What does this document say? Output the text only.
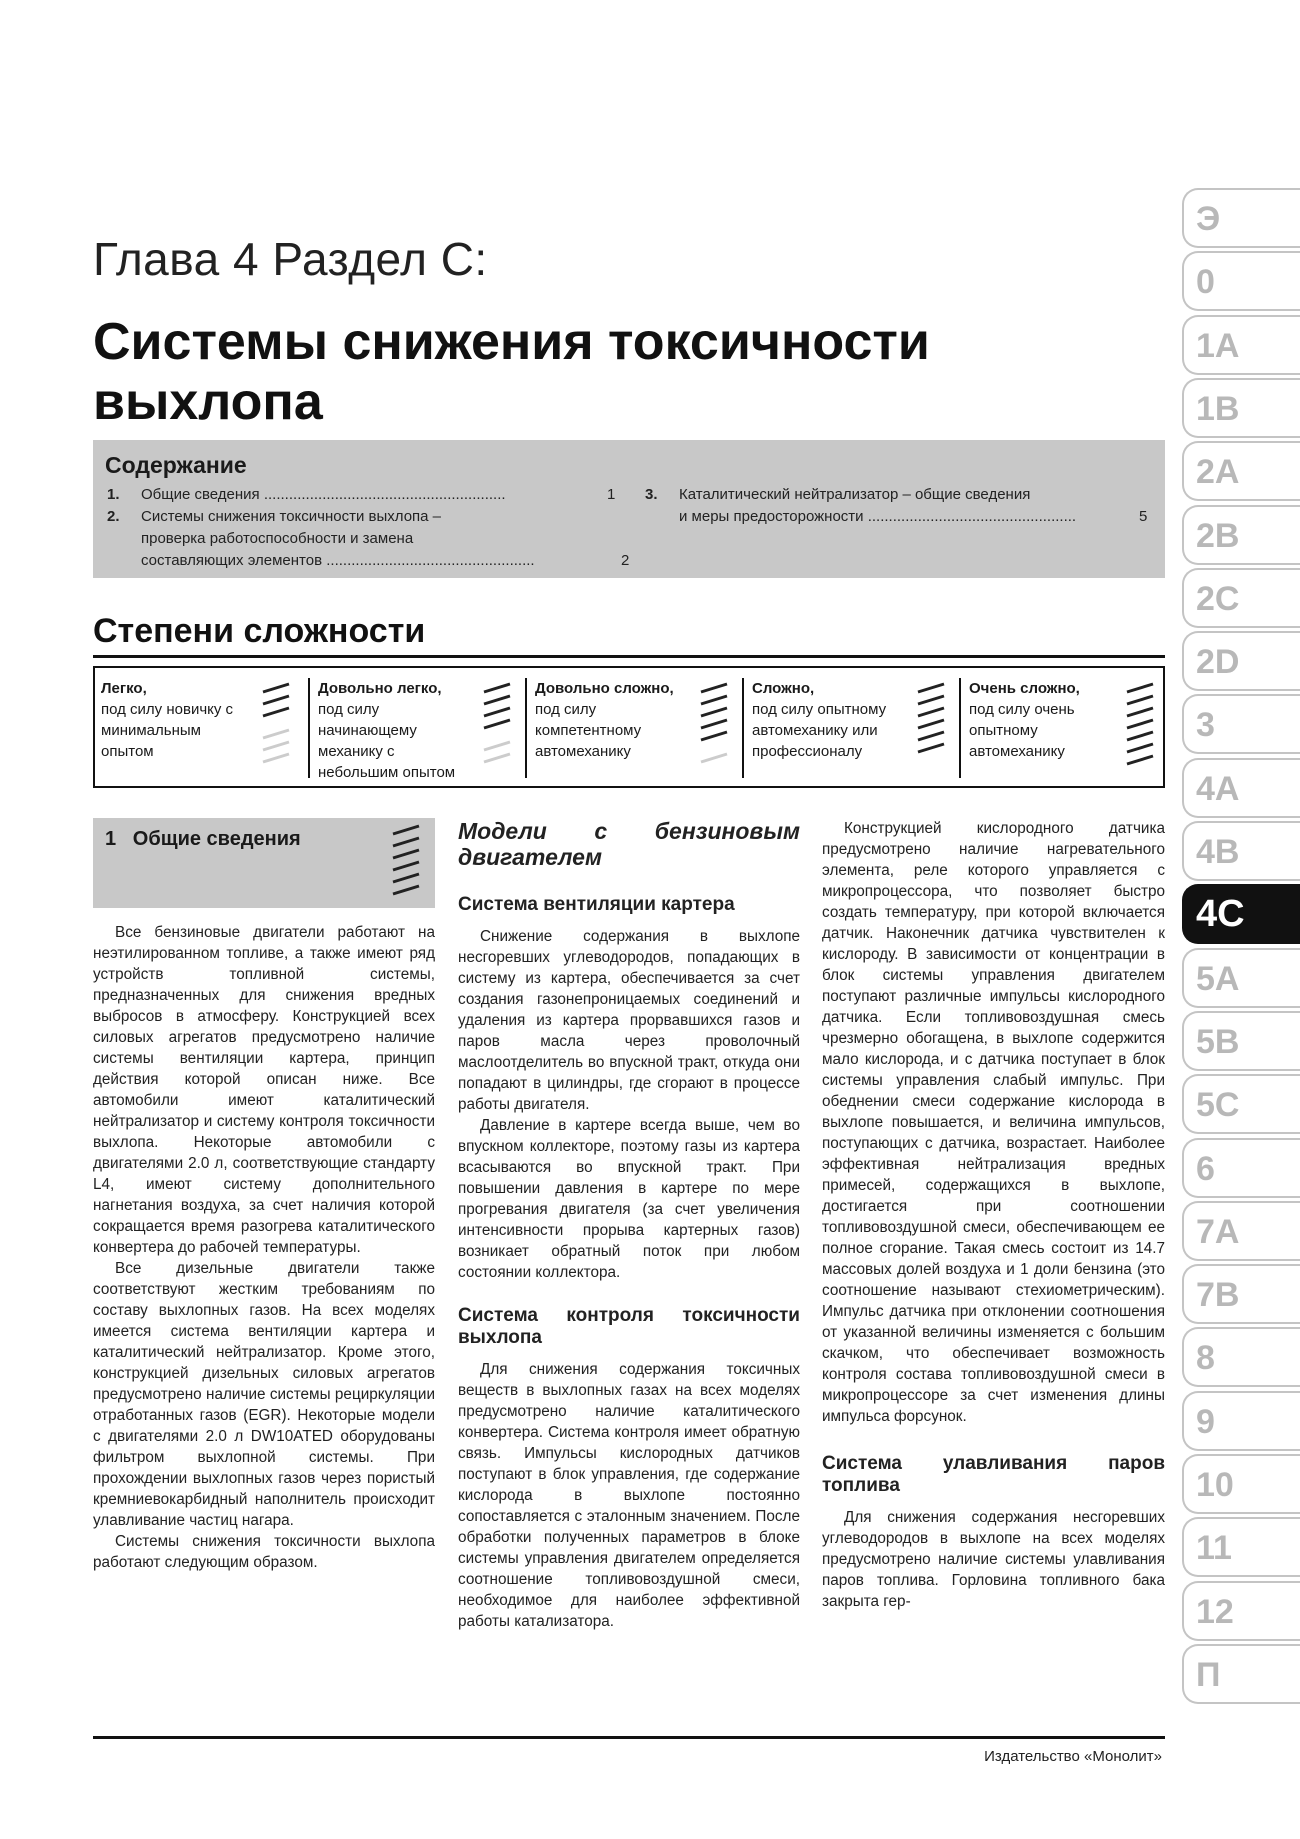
Глава 4 Раздел С:
Системы снижения токсичности выхлопа
Содержание
1. Общие сведения ..........................................................	1
2. Системы снижения токсичности выхлопа –
проверка работоспособности и замена
составляющих элементов ..................................................	2
3. Каталитический нейтрализатор – общие сведения
и меры предосторожности ..................................................	5
Степени сложности
Легко,
под силу новичку с минимальным опытом
Довольно легко,
под силу начинающему механику с небольшим опытом
Довольно сложно,
под силу компетентному автомеханику
Сложно,
под силу опытному автомеханику или профессионалу
Очень сложно,
под силу очень опытному автомеханику
1 Общие сведения

Все бензиновые двигатели работают на неэтилированном топливе, а также имеют ряд устройств топливной системы, предназначенных для снижения вредных выбросов в атмосферу. Конструкцией всех силовых агрегатов предусмотрено наличие системы вентиляции картера, принцип действия которой описан ниже. Все автомобили имеют каталитический нейтрализатор и систему контроля токсичности выхлопа. Некоторые автомобили с двигателями 2.0 л, соответствующие стандарту L4, имеют систему дополнительного нагнетания воздуха, за счет наличия которой сокращается время разогрева каталитического конвертера до рабочей температуры.

Все дизельные двигатели также соответствуют жестким требованиям по составу выхлопных газов. На всех моделях имеется система вентиляции картера и каталитический нейтрализатор. Кроме этого, конструкцией дизельных силовых агрегатов предусмотрено наличие системы рециркуляции отработанных газов (EGR). Некоторые модели с двигателями 2.0 л DW10ATED оборудованы фильтром выхлопной системы. При прохождении выхлопных газов через пористый кремниевокарбидный наполнитель происходит улавливание частиц нагара.

Системы снижения токсичности выхлопа работают следующим образом.

Модели с бензиновым двигателем
Система вентиляции картера

Снижение содержания в выхлопе несгоревших углеводородов, попадающих в систему из картера, обеспечивается за счет создания газонепроницаемых соединений и удаления из картера прорвавшихся газов и паров масла через проволочный маслоотделитель во впускной тракт, откуда они попадают в цилиндры, где сгорают в процессе работы двигателя.

Давление в картере всегда выше, чем во впускном коллекторе, поэтому газы из картера всасываются во впускной тракт. При повышении давления в картере по мере прогревания двигателя (за счет увеличения интенсивности прорыва картерных газов) возникает обратный поток при любом состоянии коллектора.

Система контроля токсичности выхлопа

Для снижения содержания токсичных веществ в выхлопных газах на всех моделях предусмотрено наличие каталитического конвертера. Система контроля имеет обратную связь. Импульсы кислородных датчиков поступают в блок управления, где содержание кислорода в выхлопе постоянно сопоставляется с эталонным значением. После обработки полученных параметров в блоке системы управления двигателем определяется соотношение топливовоздушной смеси, необходимое для наиболее эффективной работы катализатора.

Конструкцией кислородного датчика предусмотрено наличие нагревательного элемента, реле которого управляется с микропроцессора, что позволяет быстро создать температуру, при которой включается датчик. Наконечник датчика чувствителен к кислороду. В зависимости от концентрации в блок системы управления двигателем поступают различные импульсы кислородного датчика. Если топливовоздушная смесь чрезмерно обогащена, в выхлопе содержится мало кислорода, и с датчика поступает в блок системы управления слабый импульс. При обеднении смеси содержание кислорода в выхлопе повышается, и величина импульсов, поступающих с датчика, возрастает. Наиболее эффективная нейтрализация вредных примесей, содержащихся в выхлопе, достигается при соотношении топливовоздушной смеси, обеспечивающем ее полное сгорание. Такая смесь состоит из 14.7 массовых долей воздуха и 1 доли бензина (это соотношение называют стехиометрическим). Импульс датчика при отклонении соотношения от указанной величины изменяется с большим скачком, что обеспечивает возможность контроля состава топливовоздушной смеси в микропроцессоре за счет изменения длины импульса форсунок.

Система улавливания паров топлива

Для снижения содержания несгоревших углеводородов в выхлопе на всех моделях предусмотрено наличие системы улавливания паров топлива. Горловина топливного бака закрыта гер-

Э
0
1A
1B
2A
2B
2C
2D
3
4A
4B
4C
5A
5B
5C
6
7A
7B
8
9
10
11
12
П
Издательство «Монолит»
